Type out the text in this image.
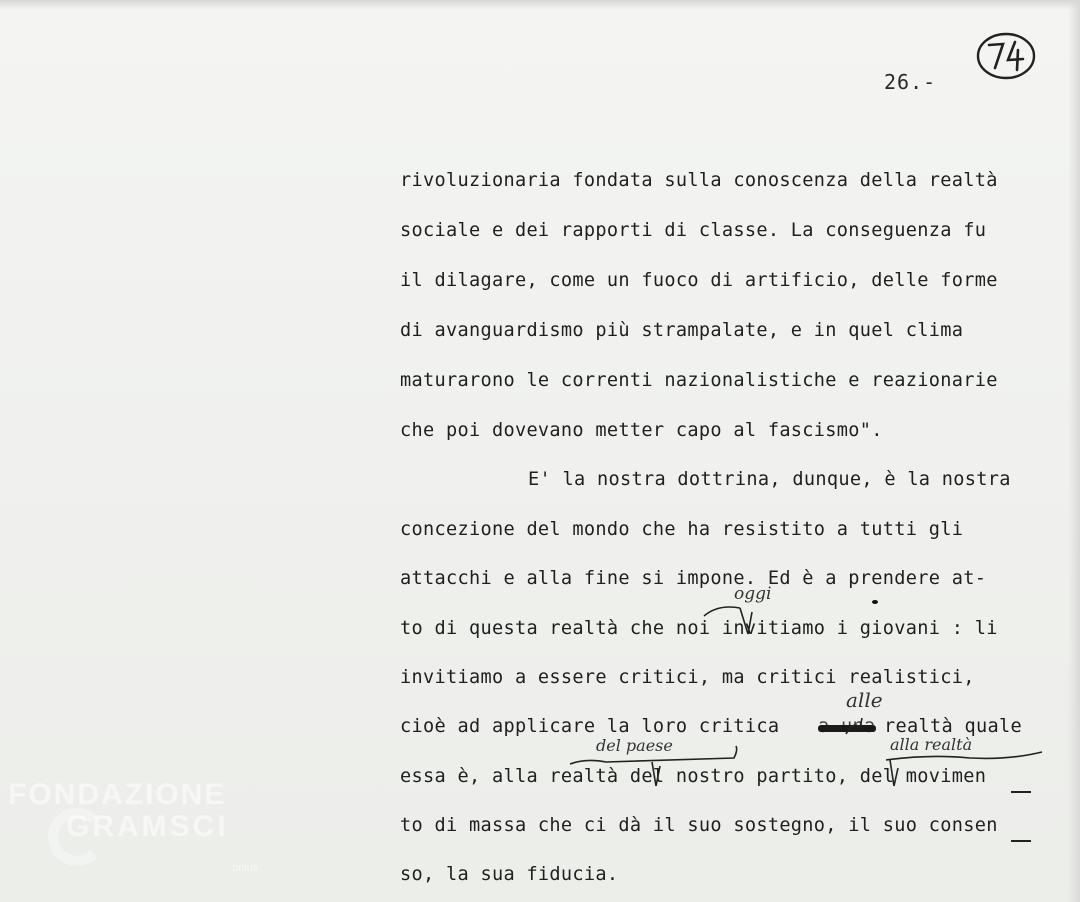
26.-
rivoluzionaria fondata sulla conoscenza della realtà
sociale e dei rapporti di classe. La conseguenza fu
il dilagare, come un fuoco di artificio, delle forme
di avanguardismo più strampalate, e in quel clima
maturarono le correnti nazionalistiche e reazionarie
che poi dovevano metter capo al fascismo".
E' la nostra dottrina, dunque, è la nostra
concezione del mondo che ha resistito a tutti gli
attacchi e alla fine si impone. Ed è a prendere at-
to di questa realtà che noi invitiamo i giovani : li
invitiamo a essere critici, ma critici realistici,
cioè ad applicare la loro critica	realtà quale
essa è, alla realtà del nostro partito, del movimen
to di massa che ci dà il suo sostegno, il suo consen
so, la sua fiducia.
oggi
alle
del paese	alla realtà
FONDAZIONE
GRAMSCI
onlus
